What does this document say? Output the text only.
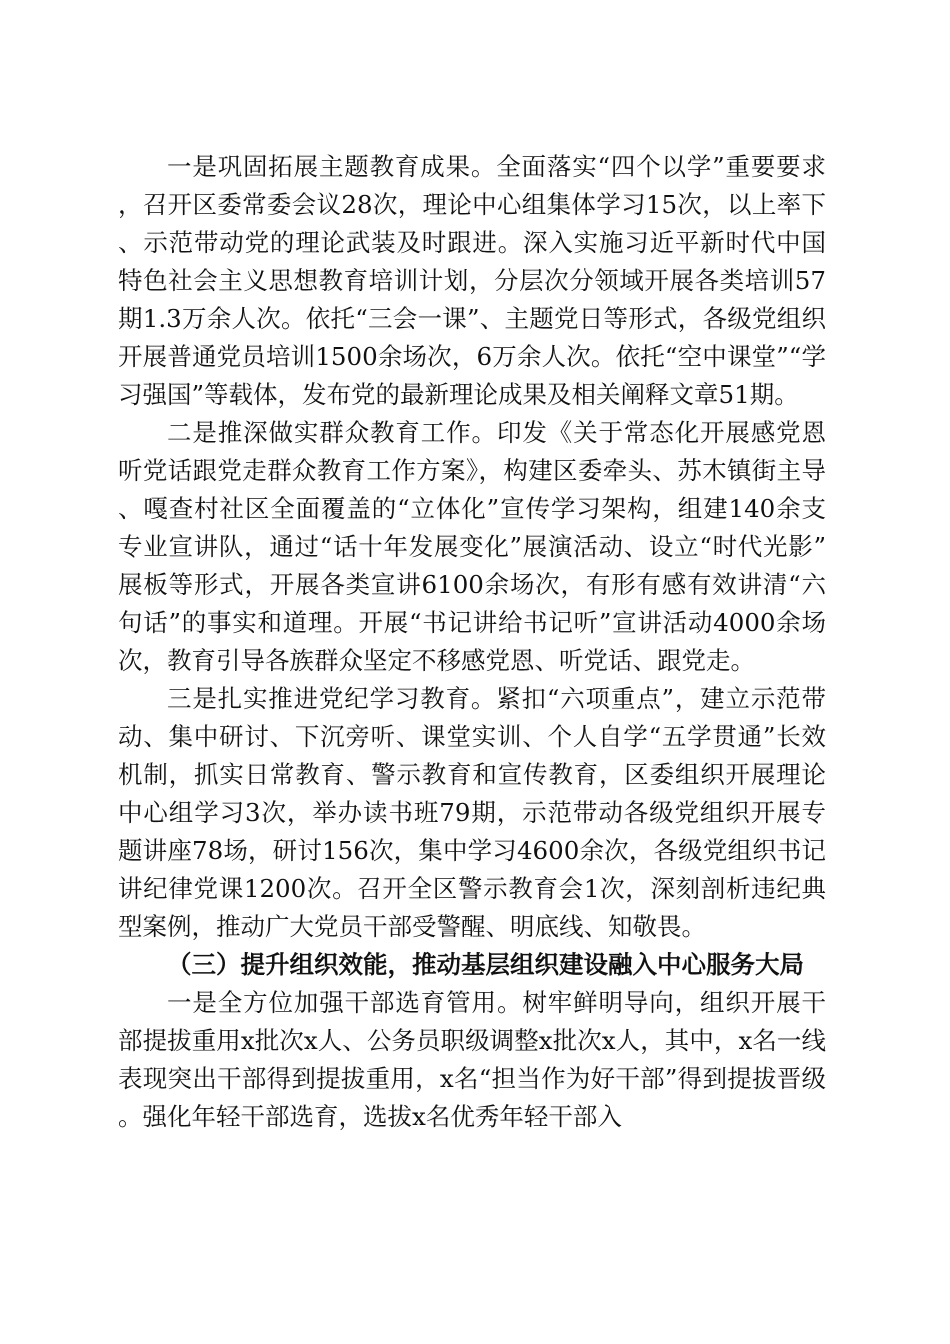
一是巩固拓展主题教育成果。全面落实“四个以学”重要要求，召开区委常委会议28次，理论中心组集体学习15次，以上率下、示范带动党的理论武装及时跟进。深入实施习近平新时代中国特色社会主义思想教育培训计划，分层次分领域开展各类培训57期1.3万余人次。依托“三会一课”、主题党日等形式，各级党组织开展普通党员培训1500余场次，6万余人次。依托“空中课堂”“学习强国”等载体，发布党的最新理论成果及相关阐释文章51期。

二是推深做实群众教育工作。印发《关于常态化开展感党恩听党话跟党走群众教育工作方案》，构建区委牵头、苏木镇街主导、嘎查村社区全面覆盖的“立体化”宣传学习架构，组建140余支专业宣讲队，通过“话十年发展变化”展演活动、设立“时代光影”展板等形式，开展各类宣讲6100余场次，有形有感有效讲清“六句话”的事实和道理。开展“书记讲给书记听”宣讲活动4000余场次，教育引导各族群众坚定不移感党恩、听党话、跟党走。

三是扎实推进党纪学习教育。紧扣“六项重点”，建立示范带动、集中研讨、下沉旁听、课堂实训、个人自学“五学贯通”长效机制，抓实日常教育、警示教育和宣传教育，区委组织开展理论中心组学习3次，举办读书班79期，示范带动各级党组织开展专题讲座78场，研讨156次，集中学习4600余次，各级党组织书记讲纪律党课1200次。召开全区警示教育会1次，深刻剖析违纪典型案例，推动广大党员干部受警醒、明底线、知敬畏。

（三）提升组织效能，推动基层组织建设融入中心服务大局

一是全方位加强干部选育管用。树牢鲜明导向，组织开展干部提拔重用x批次x人、公务员职级调整x批次x人，其中，x名一线表现突出干部得到提拔重用，x名“担当作为好干部”得到提拔晋级。强化年轻干部选育，选拔x名优秀年轻干部入
